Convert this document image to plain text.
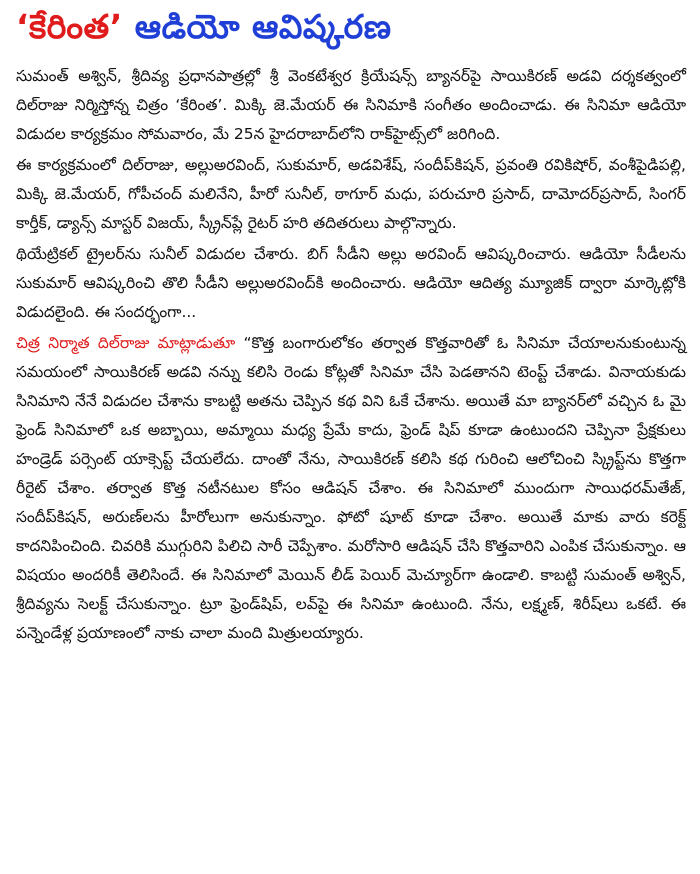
‘కేరింత’ ఆడియో ఆవిష్కరణ

సుమంత్ అశ్విన్, శ్రీదివ్య ప్రధానపాత్రల్లో శ్రీ వెంకటేశ్వర క్రియేషన్స్ బ్యానర్‌పై సాయికిరణ్ అడవి దర్శకత్వంలో దిల్‌రాజు నిర్మిస్తోన్న చిత్రం ‘కేరింత’. మిక్కి జె.మేయర్ ఈ సినిమాకి సంగీతం అందించాడు. ఈ సినిమా ఆడియో విడుదల కార్యక్రమం సోమవారం, మే 25న హైదరాబాద్‌లోని రాక్‌హైట్స్‌లో జరిగింది.

ఈ కార్యక్రమంలో దిల్‌రాజు, అల్లుఅరవింద్, సుకుమార్, అడవిశేష్, సందీప్‌కిషన్, ప్రవంతి రవికిషోర్, వంశీపైడిపల్లి, మిక్కి జె.మేయర్, గోపీచంద్ మలినేని, హీరో సునీల్, ఠాగూర్ మధు, పరుచూరి ప్రసాద్, దామోదర్‌ప్రసాద్, సింగర్ కార్తీక్, డ్యాన్స్ మాస్టర్ విజయ్, స్క్రీన్‌ప్లే రైటర్ హరి తదితరులు పాల్గొన్నారు.

థియేట్రికల్ ట్రైలర్‌ను సునీల్ విడుదల చేశారు. బిగ్ సీడీని అల్లు అరవింద్ ఆవిష్కరించారు. ఆడియో సీడీలను సుకుమార్ ఆవిష్కరించి తొలి సీడీని అల్లుఅరవింద్‌కి అందించారు. ఆడియో ఆదిత్య మ్యూజిక్ ద్వారా మార్కెట్లోకి విడుదలైంది. ఈ సందర్భంగా...

చిత్ర నిర్మాత దిల్‌రాజు మాట్లాడుతూ “కొత్త బంగారులోకం తర్వాత కొత్తవారితో ఓ సినిమా చేయాలనుకుంటున్న సమయంలో సాయికిరణ్ అడవి నన్ను కలిసి రెండు కోట్లతో సినిమా చేసి పెడతానని టెంప్ట్ చేశాడు. వినాయకుడు సినిమాని నేనే విడుదల చేశాను కాబట్టి అతను చెప్పిన కథ విని ఓకే చేశాను. అయితే మా బ్యానర్‌లో వచ్చిన ఓ మై ఫ్రెండ్ సినిమాలో ఒక అబ్బాయి, అమ్మాయి మధ్య ప్రేమే కాదు, ఫ్రెండ్ షిప్ కూడా ఉంటుందని చెప్పినా ప్రేక్షకులు హండ్రెడ్ పర్సెంట్ యాక్సెప్ట్ చేయలేదు. దాంతో నేను, సాయికిరణ్ కలిసి కథ గురించి ఆలోచించి స్క్రిప్ట్‌ను కొత్తగా రీరైట్ చేశాం. తర్వాత కొత్త నటీనటుల కోసం ఆడిషన్ చేశాం. ఈ సినిమాలో ముందుగా సాయిధరమ్‌తేజ్, సందీప్‌కిషన్, అరుణ్‌లను హీరోలుగా అనుకున్నాం. ఫోటో షూట్ కూడా చేశాం. అయితే మాకు వారు కరెక్ట్ కాదనిపించింది. చివరికి ముగ్గురిని పిలిచి సారీ చెప్పేశాం. మరోసారి ఆడిషన్ చేసి కొత్తవారిని ఎంపిక చేసుకున్నాం. ఆ విషయం అందరికీ తెలిసిందే. ఈ సినిమాలో మెయిన్ లీడ్ పెయిర్ మెచ్యూర్‌గా ఉండాలి. కాబట్టి సుమంత్ అశ్విన్, శ్రీదివ్యను సెలక్ట్ చేసుకున్నాం. ట్రూ ఫ్రెండ్‌షిప్, లవ్‌పై ఈ సినిమా ఉంటుంది. నేను, లక్ష్మణ్, శిరీష్‌లు ఒకటే. ఈ పన్నెండేళ్ల ప్రయాణంలో నాకు చాలా మంది మిత్రులయ్యారు.
